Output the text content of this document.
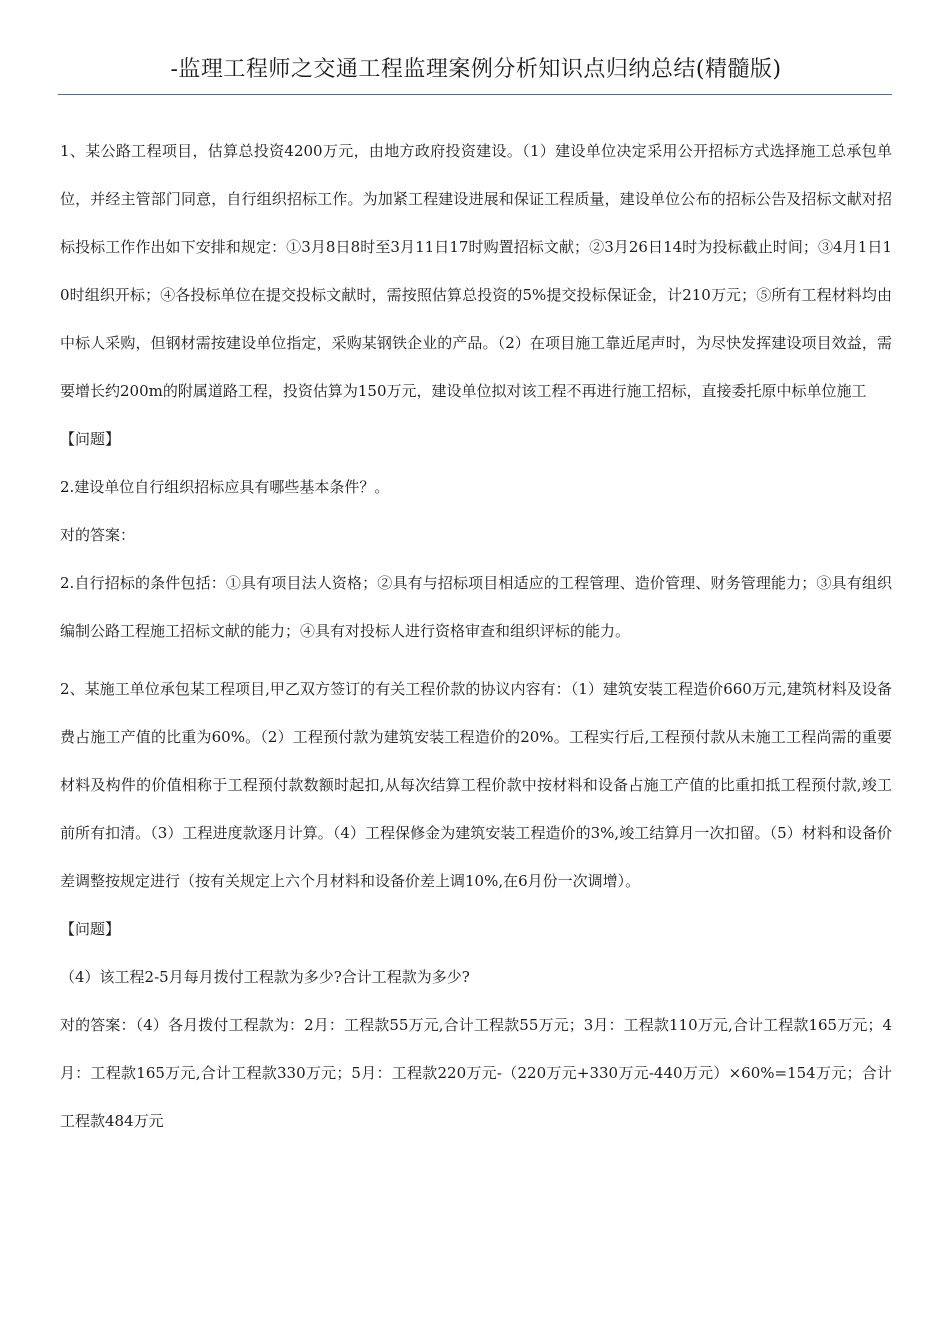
-监理工程师之交通工程监理案例分析知识点归纳总结(精髓版)

1、某公路工程项目，估算总投资4200万元，由地方政府投资建设。（1）建设单位决定采用公开招标方式选择施工总承包单位，并经主管部门同意，自行组织招标工作。为加紧工程建设进展和保证工程质量，建设单位公布的招标公告及招标文献对招标投标工作作出如下安排和规定：①3月8日8时至3月11日17时购置招标文献；②3月26日14时为投标截止时间；③4月1日10时组织开标；④各投标单位在提交投标文献时，需按照估算总投资的5%提交投标保证金，计210万元；⑤所有工程材料均由中标人采购，但钢材需按建设单位指定，采购某钢铁企业的产品。（2）在项目施工靠近尾声时，为尽快发挥建设项目效益，需要增长约200m的附属道路工程，投资估算为150万元，建设单位拟对该工程不再进行施工招标，直接委托原中标单位施工

【问题】

2.建设单位自行组织招标应具有哪些基本条件？。

对的答案：

2.自行招标的条件包括：①具有项目法人资格；②具有与招标项目相适应的工程管理、造价管理、财务管理能力；③具有组织编制公路工程施工招标文献的能力；④具有对投标人进行资格审查和组织评标的能力。

2、某施工单位承包某工程项目,甲乙双方签订的有关工程价款的协议内容有：（1）建筑安装工程造价660万元,建筑材料及设备费占施工产值的比重为60%。（2）工程预付款为建筑安装工程造价的20%。工程实行后,工程预付款从未施工工程尚需的重要材料及构件的价值相称于工程预付款数额时起扣,从每次结算工程价款中按材料和设备占施工产值的比重扣抵工程预付款,竣工前所有扣清。（3）工程进度款逐月计算。（4）工程保修金为建筑安装工程造价的3%,竣工结算月一次扣留。（5）材料和设备价差调整按规定进行（按有关规定上六个月材料和设备价差上调10%,在6月份一次调增）。

【问题】

（4）该工程2-5月每月拨付工程款为多少?合计工程款为多少?

对的答案：（4）各月拨付工程款为：2月：工程款55万元,合计工程款55万元；3月：工程款110万元,合计工程款165万元；4月：工程款165万元,合计工程款330万元；5月：工程款220万元-（220万元+330万元-440万元）×60%=154万元；合计工程款484万元
